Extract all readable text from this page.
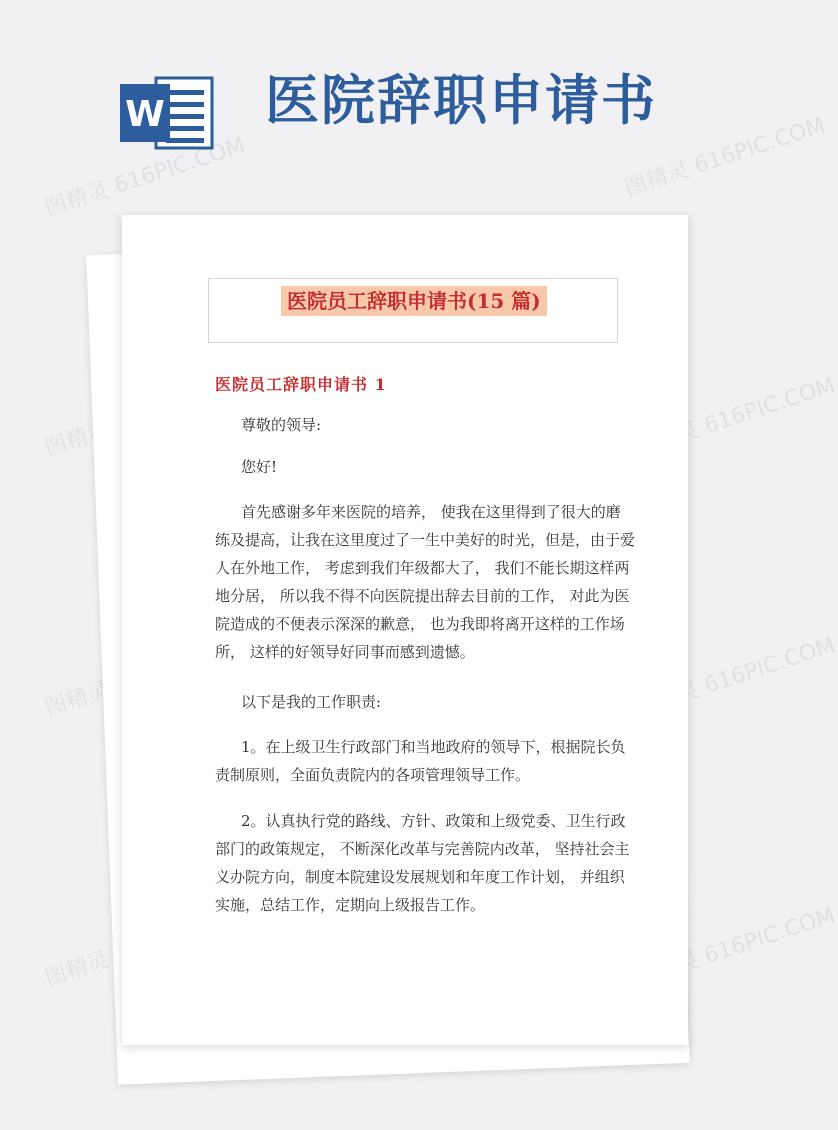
图精灵 616PIC.COM	图精灵 616PIC.COM
图精灵	图精灵 616PIC.COM
图精灵	图精灵 616PIC.COM
图精灵	图精灵 616PIC.COM
W 医院辞职申请书
医院员工辞职申请书(15 篇)
医院员工辞职申请书 1
尊敬的领导:
您好!
首先感谢多年来医院的培养， 使我在这里得到了很大的磨练及提高，让我在这里度过了一生中美好的时光，但是，由于爱人在外地工作， 考虑到我们年级都大了， 我们不能长期这样两地分居， 所以我不得不向医院提出辞去目前的工作， 对此为医院造成的不便表示深深的歉意， 也为我即将离开这样的工作场所， 这样的好领导好同事而感到遗憾。
以下是我的工作职责:
1。在上级卫生行政部门和当地政府的领导下，根据院长负责制原则，全面负责院内的各项管理领导工作。
2。认真执行党的路线、方针、政策和上级党委、卫生行政部门的政策规定， 不断深化改革与完善院内改革， 坚持社会主义办院方向，制度本院建设发展规划和年度工作计划， 并组织实施，总结工作，定期向上级报告工作。
